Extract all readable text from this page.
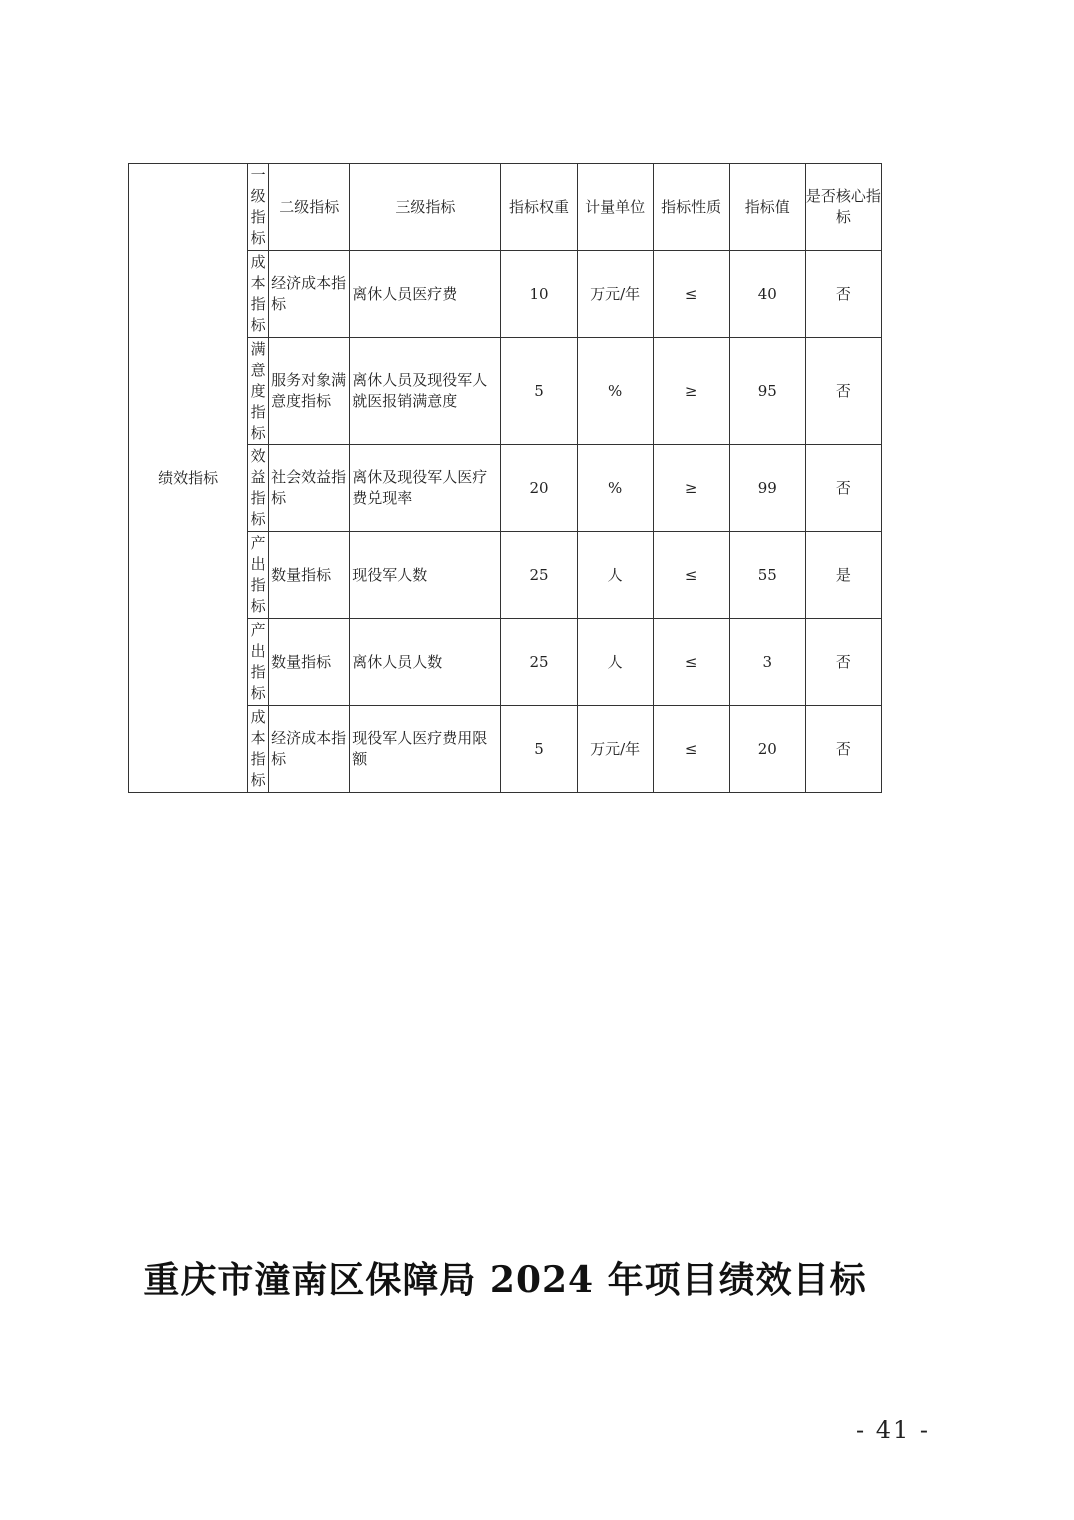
绩效指标	一级指标	二级指标	三级指标	指标权重	计量单位	指标性质	指标值	是否核心指标
	成本指标	经济成本指标	离休人员医疗费	10	万元/年	≤	40	否
	满意度指标	服务对象满意度指标	离休人员及现役军人就医报销满意度	5	%	≥	95	否
	效益指标	社会效益指标	离休及现役军人医疗费兑现率	20	%	≥	99	否
	产出指标	数量指标	现役军人数	25	人	≤	55	是
	产出指标	数量指标	离休人员人数	25	人	≤	3	否
	成本指标	经济成本指标	现役军人医疗费用限额	5	万元/年	≤	20	否
重庆市潼南区保障局 2024 年项目绩效目标
- 41 -
